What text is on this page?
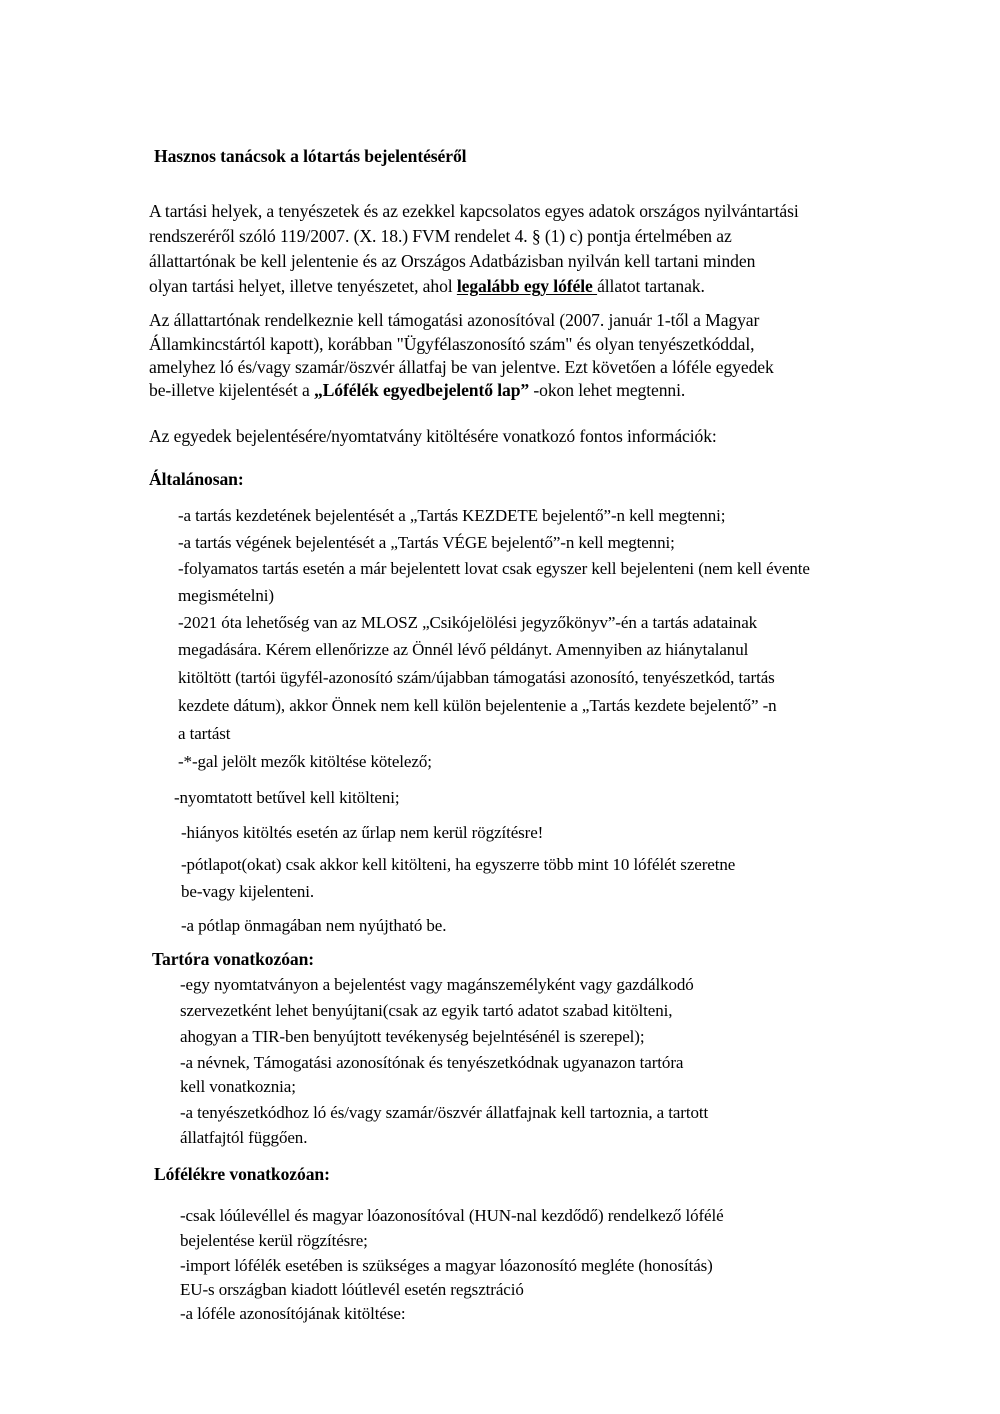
Hasznos tanácsok a lótartás bejelentéséről
A tartási helyek, a tenyészetek és az ezekkel kapcsolatos egyes adatok országos nyilvántartási
rendszeréről szóló 119/2007. (X. 18.) FVM rendelet 4. § (1) c) pontja értelmében az
állattartónak be kell jelentenie és az Országos Adatbázisban nyilván kell tartani minden
olyan tartási helyet, illetve tenyészetet, ahol legalább egy lóféle állatot tartanak.
Az állattartónak rendelkeznie kell támogatási azonosítóval (2007. január 1-től a Magyar
Államkincstártól kapott), korábban "Ügyfélaszonosító szám" és olyan tenyészetkóddal,
amelyhez ló és/vagy szamár/öszvér állatfaj be van jelentve. Ezt követően a lóféle egyedek
be-illetve kijelentését a „Lófélék egyedbejelentő lap” -okon lehet megtenni.
Az egyedek bejelentésére/nyomtatvány kitöltésére vonatkozó fontos információk:
Általánosan:
-a tartás kezdetének bejelentését a „Tartás KEZDETE bejelentő”-n kell megtenni;
-a tartás végének bejelentését a „Tartás VÉGE bejelentő”-n kell megtenni;
-folyamatos tartás esetén a már bejelentett lovat csak egyszer kell bejelenteni (nem kell évente
megismételni)
-2021 óta lehetőség van az MLOSZ „Csikójelölési jegyzőkönyv”-én a tartás adatainak
megadására. Kérem ellenőrizze az Önnél lévő példányt. Amennyiben az hiánytalanul
kitöltött (tartói ügyfél-azonosító szám/újabban támogatási azonosító, tenyészetkód, tartás
kezdete dátum), akkor Önnek nem kell külön bejelentenie a „Tartás kezdete bejelentő” -n
a tartást
-*-gal jelölt mezők kitöltése kötelező;
-nyomtatott betűvel kell kitölteni;
-hiányos kitöltés esetén az űrlap nem kerül rögzítésre!
-pótlapot(okat) csak akkor kell kitölteni, ha egyszerre több mint 10 lófélét szeretne
be-vagy kijelenteni.
-a pótlap önmagában nem nyújtható be.
Tartóra vonatkozóan:
-egy nyomtatványon a bejelentést vagy magánszemélyként vagy gazdálkodó
szervezetként lehet benyújtani(csak az egyik tartó adatot szabad kitölteni,
ahogyan a TIR-ben benyújtott tevékenység bejelntésénél is szerepel);
-a névnek, Támogatási azonosítónak és tenyészetkódnak ugyanazon tartóra
kell vonatkoznia;
-a tenyészetkódhoz ló és/vagy szamár/öszvér állatfajnak kell tartoznia, a tartott
állatfajtól függően.
Lófélékre vonatkozóan:
-csak lóúlevéllel és magyar lóazonosítóval (HUN-nal kezdődő) rendelkező lófélé
bejelentése kerül rögzítésre;
-import lófélék esetében is szükséges a magyar lóazonosító megléte (honosítás)
EU-s országban kiadott lóútlevél esetén regsztráció
-a lóféle azonosítójának kitöltése:
